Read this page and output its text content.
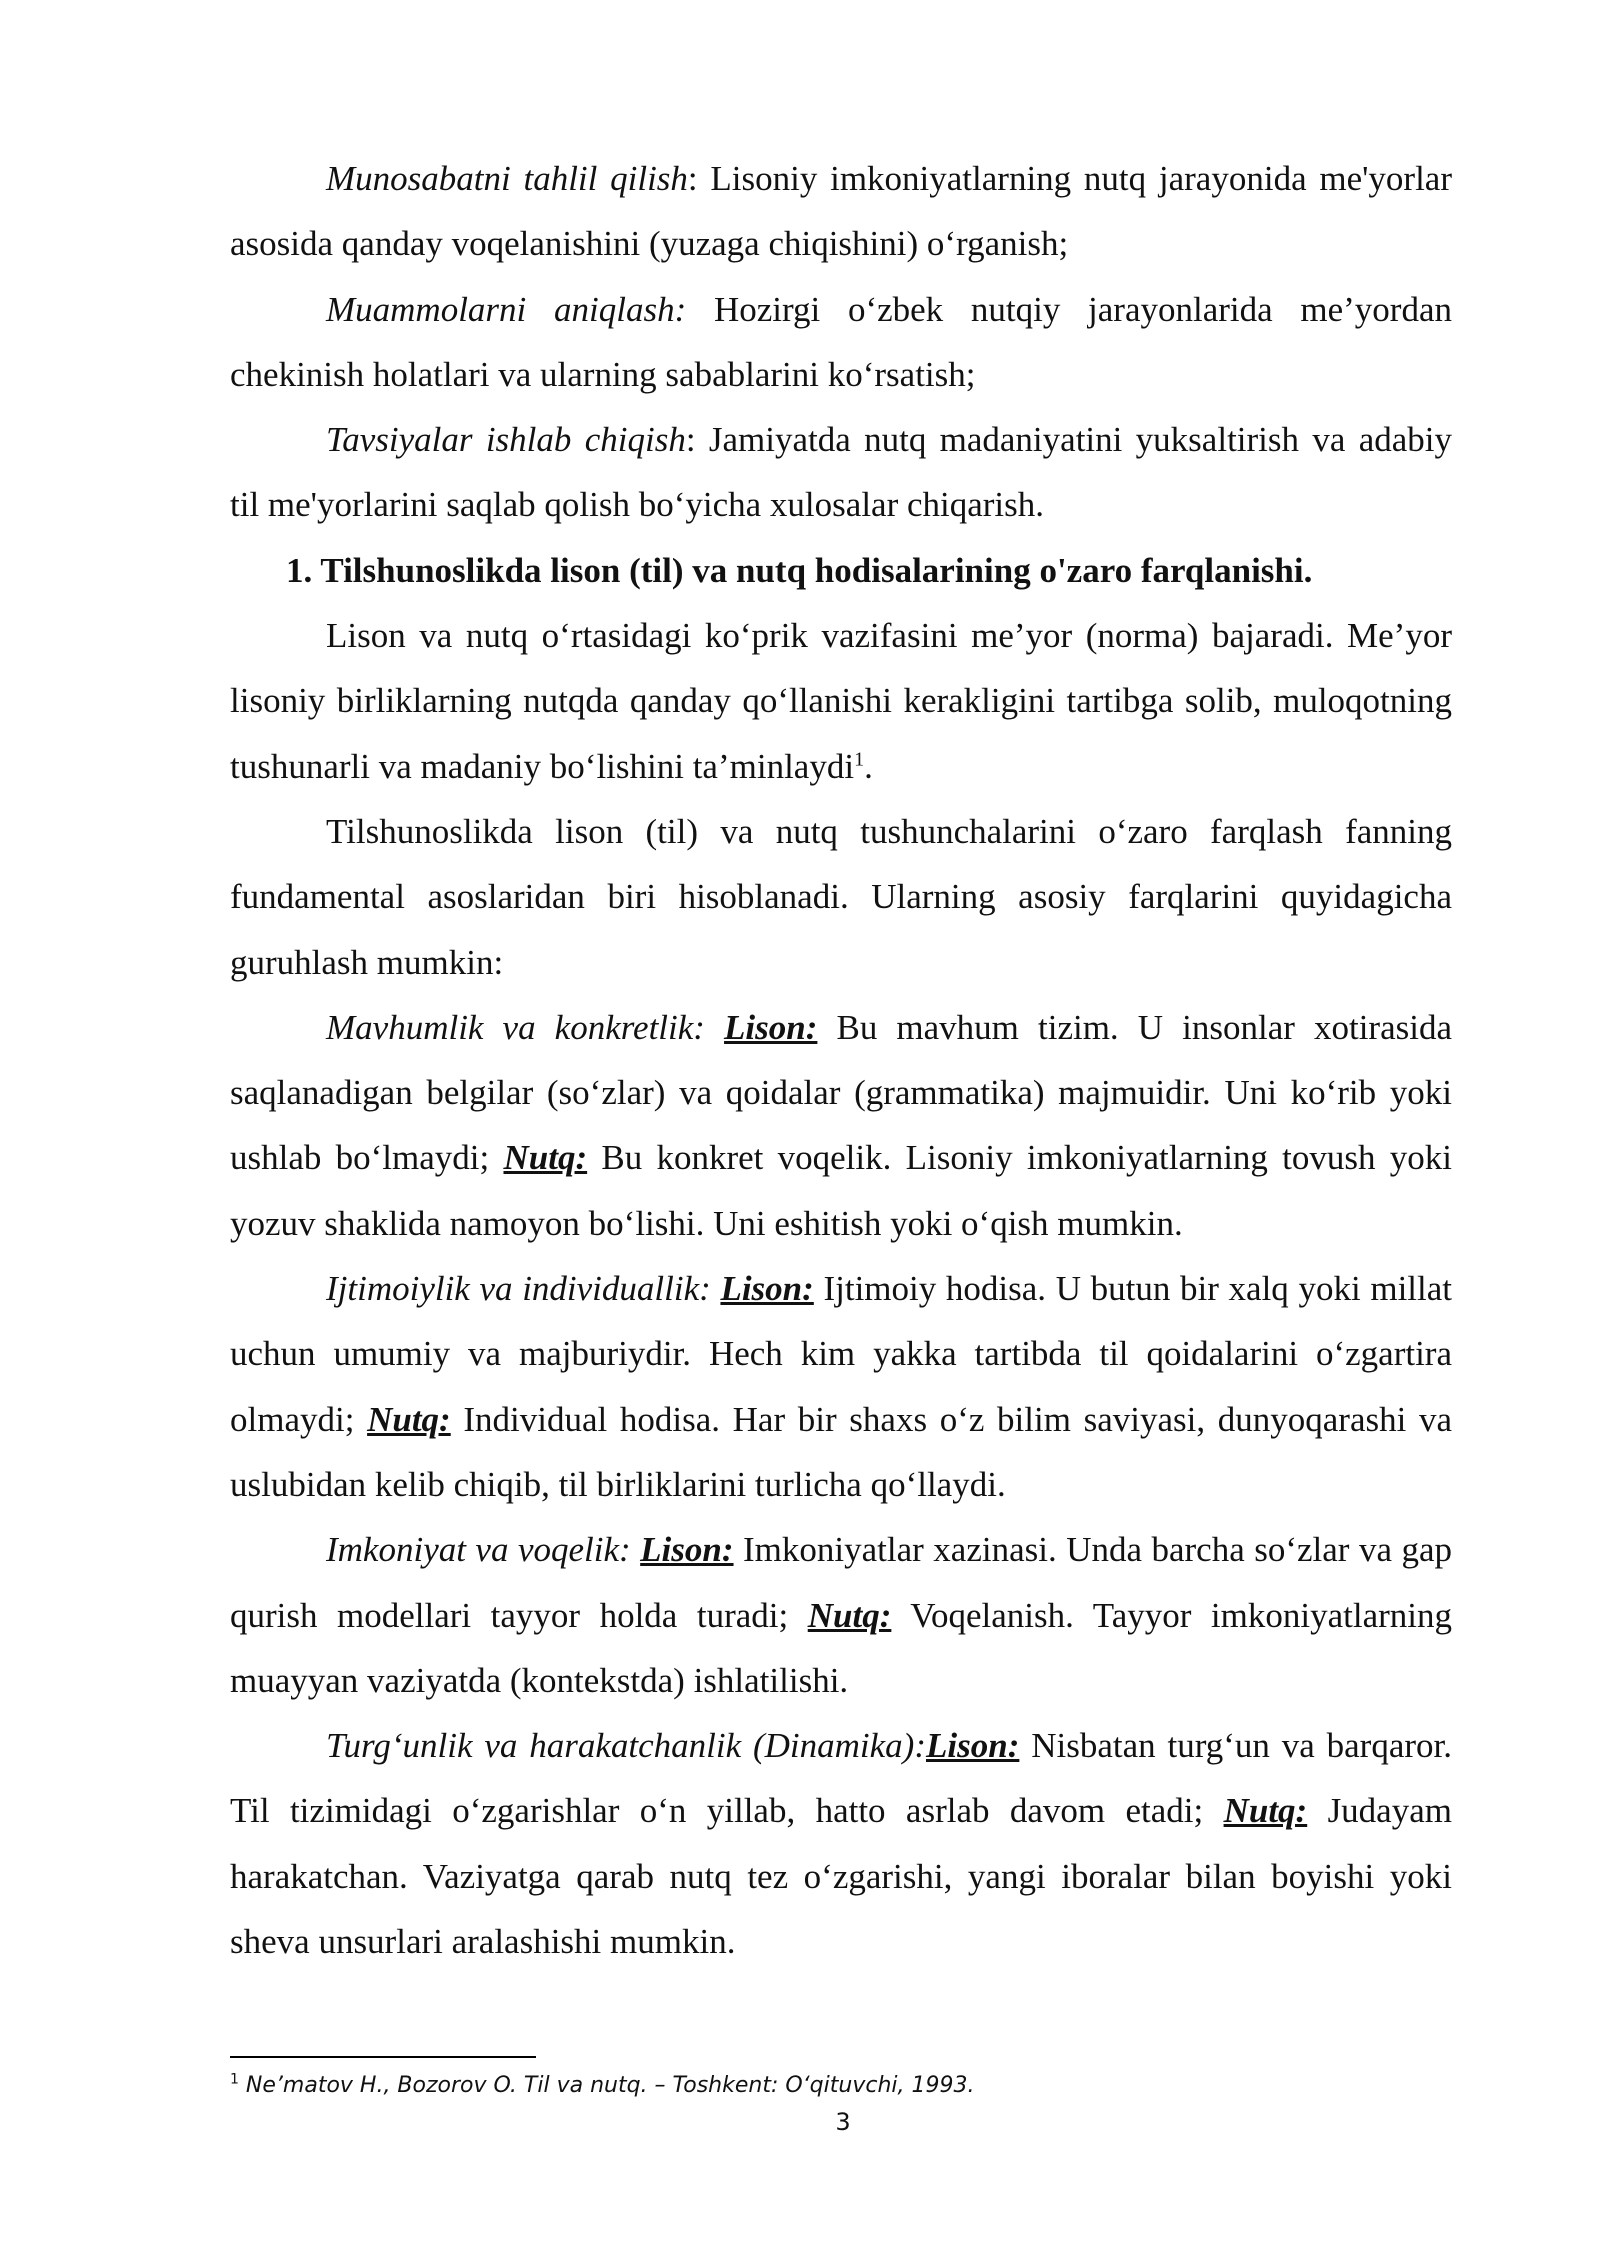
Munosabatni tahlil qilish: Lisoniy imkoniyatlarning nutq jarayonida me'yorlar asosida qanday voqelanishini (yuzaga chiqishini) o‘rganish;

Muammolarni aniqlash: Hozirgi o‘zbek nutqiy jarayonlarida me’yordan chekinish holatlari va ularning sabablarini ko‘rsatish;

Tavsiyalar ishlab chiqish: Jamiyatda nutq madaniyatini yuksaltirish va adabiy til me'yorlarini saqlab qolish bo‘yicha xulosalar chiqarish.

1. Tilshunoslikda lison (til) va nutq hodisalarining o'zaro farqlanishi.

Lison va nutq o‘rtasidagi ko‘prik vazifasini me’yor (norma) bajaradi. Me’yor lisoniy birliklarning nutqda qanday qo‘llanishi kerakligini tartibga solib, muloqotning tushunarli va madaniy bo‘lishini ta’minlaydi$^1$.

Tilshunoslikda lison (til) va nutq tushunchalarini o‘zaro farqlash fanning fundamental asoslaridan biri hisoblanadi. Ularning asosiy farqlarini quyidagicha guruhlash mumkin:

Mavhumlik va konkretlik: Lison: Bu mavhum tizim. U insonlar xotirasida saqlanadigan belgilar (so‘zlar) va qoidalar (grammatika) majmuidir. Uni ko‘rib yoki ushlab bo‘lmaydi; Nutq: Bu konkret voqelik. Lisoniy imkoniyatlarning tovush yoki yozuv shaklida namoyon bo‘lishi. Uni eshitish yoki o‘qish mumkin.

Ijtimoiylik va individuallik: Lison: Ijtimoiy hodisa. U butun bir xalq yoki millat uchun umumiy va majburiydir. Hech kim yakka tartibda til qoidalarini o‘zgartira olmaydi; Nutq: Individual hodisa. Har bir shaxs o‘z bilim saviyasi, dunyoqarashi va uslubidan kelib chiqib, til birliklarini turlicha qo‘llaydi.

Imkoniyat va voqelik: Lison: Imkoniyatlar xazinasi. Unda barcha so‘zlar va gap qurish modellari tayyor holda turadi; Nutq: Voqelanish. Tayyor imkoniyatlarning muayyan vaziyatda (kontekstda) ishlatilishi.

Turg‘unlik va harakatchanlik (Dinamika):Lison: Nisbatan turg‘un va barqaror. Til tizimidagi o‘zgarishlar o‘n yillab, hatto asrlab davom etadi; Nutq: Judayam harakatchan. Vaziyatga qarab nutq tez o‘zgarishi, yangi iboralar bilan boyishi yoki sheva unsurlari aralashishi mumkin.

$^1$ Ne’matov H., Bozorov O. Til va nutq. – Toshkent: O‘qituvchi, 1993.
3
